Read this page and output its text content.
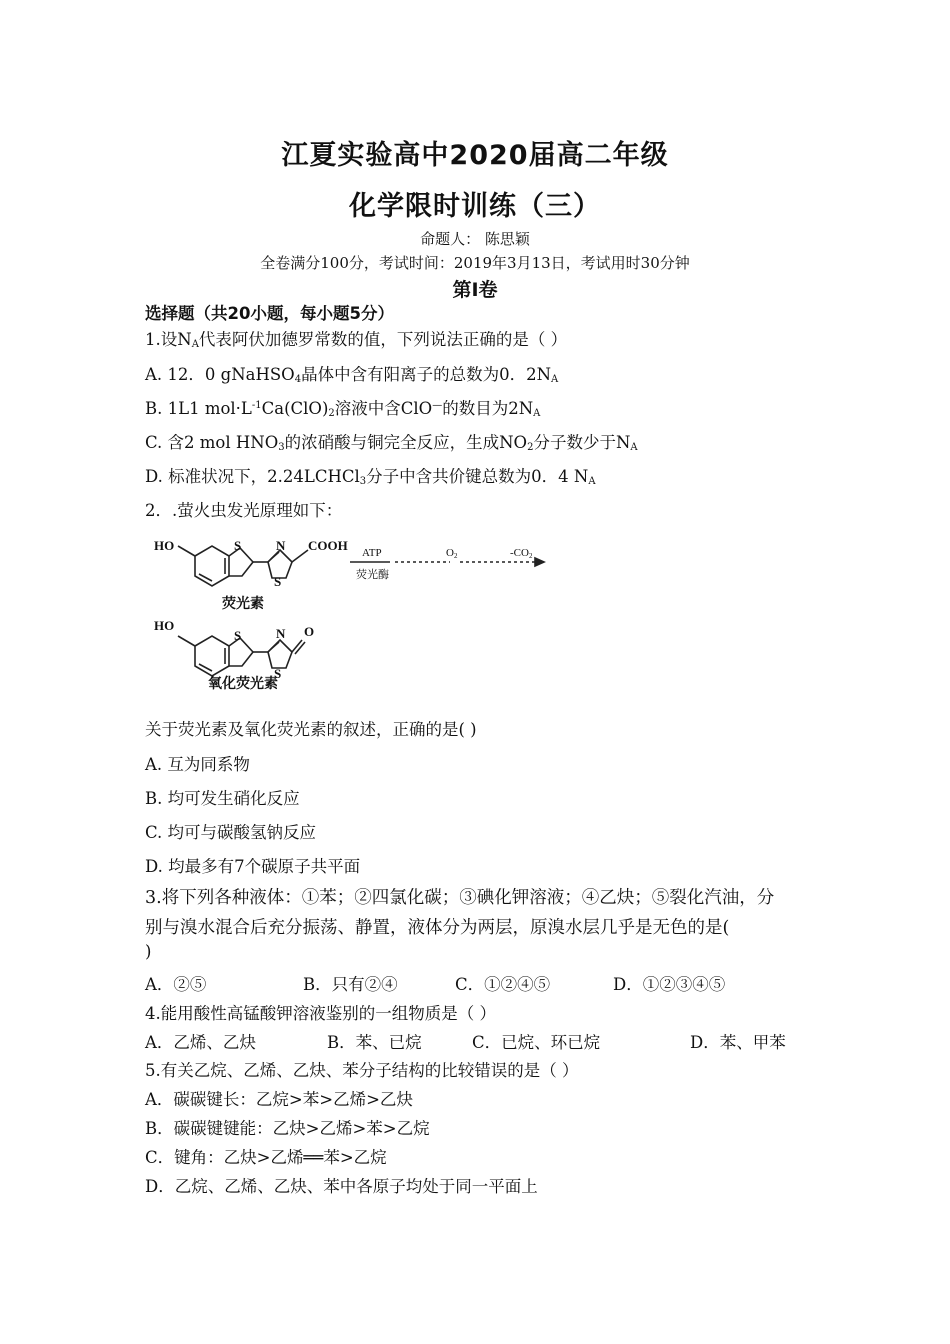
江夏实验高中2020届高二年级
化学限时训练（三）
命题人： 陈思颖
全卷满分100分，考试时间：2019年3月13日，考试用时30分钟
第Ⅰ卷
选择题（共20小题，每小题5分）
1.设$N_A$代表阿伏加德罗常数的值，下列说法正确的是（ ）
A. 12．0 gNaHSO$_4$晶体中含有阳离子的总数为0．$2N_A$
B. 1L1 $mol\cdot L^{-1}Ca(ClO)_2$溶液中含ClO—的数目为$2N_A$
C. 含2 mol $HNO_3$的浓硝酸与铜完全反应，生成$NO_2$分子数少于$N_A$
D. 标准状况下，2.24LCHCl$_3$分子中含共价键总数为0．4 $N_A$
2．.萤火虫发光原理如下：
HO	S	N
S
COOH
荧光素
ATP
荧光酶
O2	-CO2
HO
S	N
S
O
氧化荧光素
关于荧光素及氧化荧光素的叙述，正确的是( )
A. 互为同系物
B. 均可发生硝化反应
C. 均可与碳酸氢钠反应
D. 均最多有7个碳原子共平面
3.将下列各种液体：①苯；②四氯化碳；③碘化钾溶液；④乙炔；⑤裂化汽油，分
别与溴水混合后充分振荡、静置，液体分为两层，原溴水层几乎是无色的是(
)
A．②⑤	B．只有②④	C．①②④⑤	D．①②③④⑤
4.能用酸性高锰酸钾溶液鉴别的一组物质是（ ）
A．乙烯、乙炔	B．苯、已烷	C．已烷、环已烷	D．苯、甲苯
5.有关乙烷、乙烯、乙炔、苯分子结构的比较错误的是（ ）
A．碳碳键长：乙烷>苯>乙烯>乙炔
B．碳碳键键能：乙炔>乙烯>苯>乙烷
C．键角：乙炔>乙烯══苯>乙烷
D．乙烷、乙烯、乙炔、苯中各原子均处于同一平面上
